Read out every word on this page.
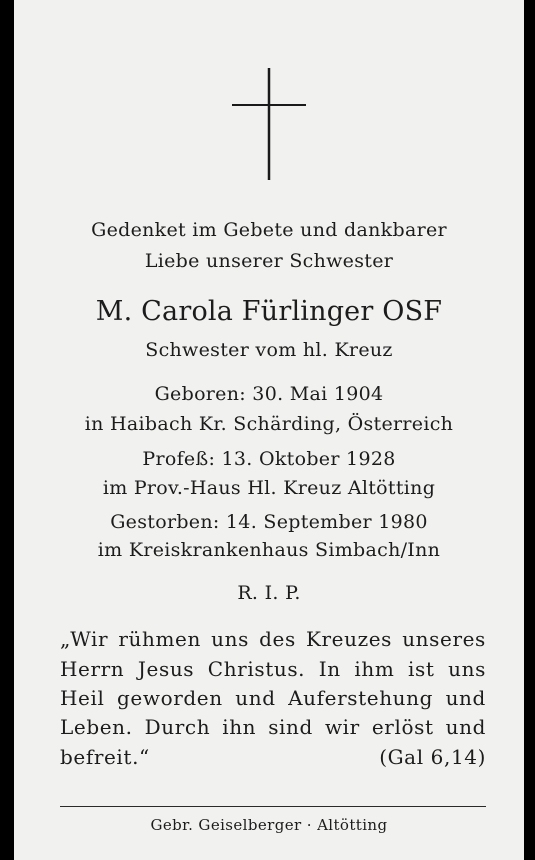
Gedenket im Gebete und dankbarer
Liebe unserer Schwester
M. Carola Fürlinger OSF
Schwester vom hl. Kreuz
Geboren: 30. Mai 1904
in Haibach Kr. Schärding, Österreich
Profeß: 13. Oktober 1928
im Prov.-Haus Hl. Kreuz Altötting
Gestorben: 14. September 1980
im Kreiskrankenhaus Simbach/Inn
R. I. P.
„Wir rühmen uns des Kreuzes unseres
Herrn Jesus Christus. In ihm ist uns
Heil geworden und Auferstehung und
Leben. Durch ihn sind wir erlöst und
befreit.“	(Gal 6,14)
Gebr. Geiselberger · Altötting
